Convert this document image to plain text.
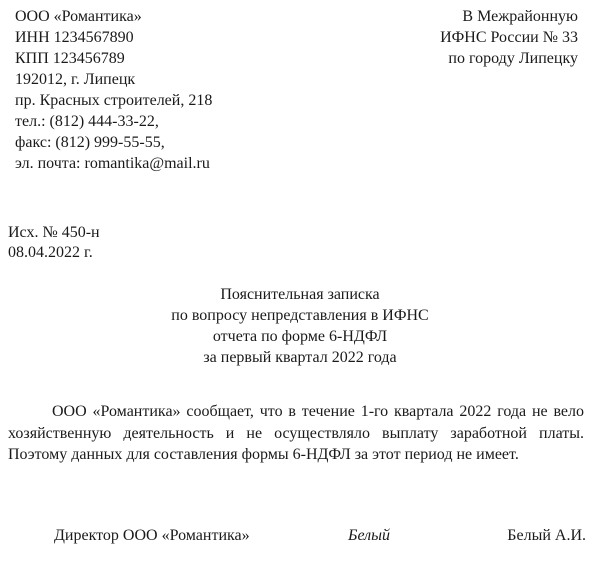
ООО «Романтика»
ИНН 1234567890
КПП 123456789
192012, г. Липецк
пр. Красных строителей, 218
тел.: (812) 444-33-22,
факс: (812) 999-55-55,
эл. почта: romantika@mail.ru
В Межрайонную
ИФНС России № 33
по городу Липецку
Исх. № 450-н
08.04.2022 г.
Пояснительная записка
по вопросу непредставления в ИФНС
отчета по форме 6-НДФЛ
за первый квартал 2022 года
ООО «Романтика» сообщает, что в течение 1-го квартала 2022 года не вело хозяйственную деятельность и не осуществляло выплату заработной платы. Поэтому данных для составления формы 6-НДФЛ за этот период не имеет.
Директор ООО «Романтика»	Белый	Белый А.И.
